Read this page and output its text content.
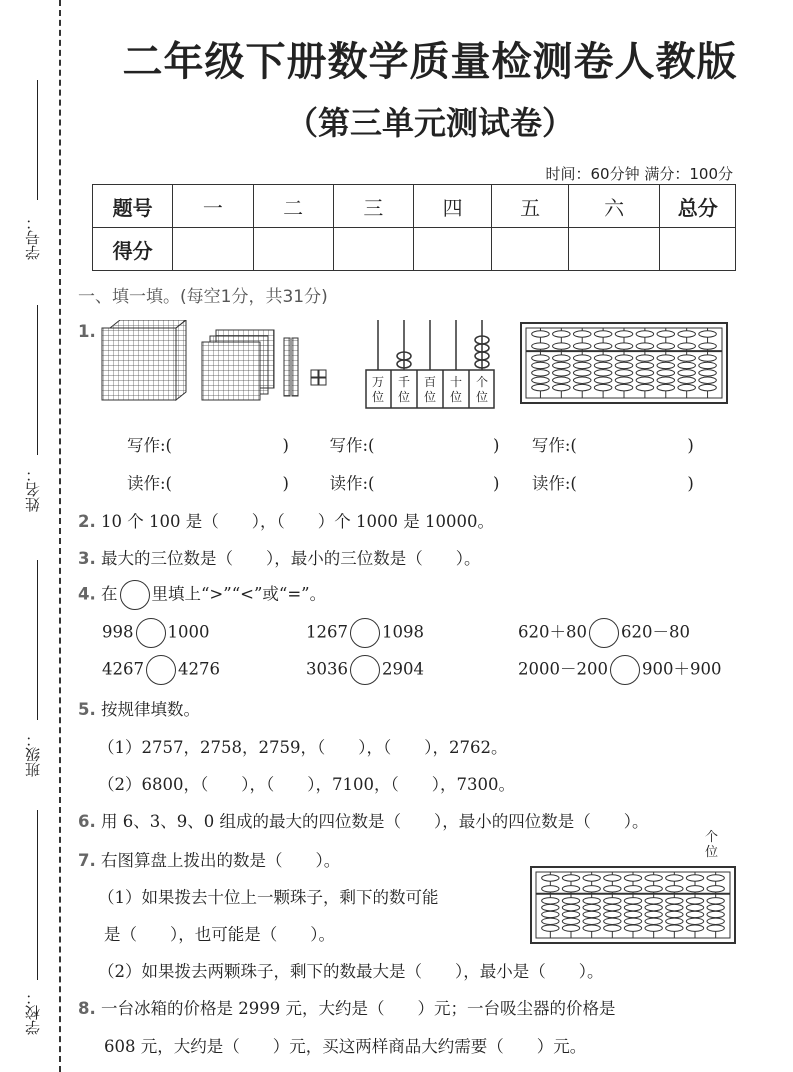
学号：
姓名：
班级：
学校：
二年级下册数学质量检测卷人教版
（第三单元测试卷）
时间：60分钟 满分：100分
题号	一	二	三	四	五	六	总分
得分							
一、填一填。(每空1分，共31分)
1.
万位
千位
百位
十位
个位
写作:(	) 写作:(	) 写作:(	)
读作:(	) 读作:(	) 读作:(	)
2. 10 个 100 是（　　），（　　）个 1000 是 10000。
3. 最大的三位数是（　　），最小的三位数是（　　）。
4. 在 里填上“>”“<”或“=”。
998 1000	1267 1098	620＋80 620－80
4267 4276	3036 2904	2000－200 900＋900
5. 按规律填数。
（1）2757，2758，2759，（　　），（　　），2762。
（2）6800，（　　），（　　），7100，（　　），7300。
6. 用 6、3、9、0 组成的最大的四位数是（　　），最小的四位数是（　　）。
7. 右图算盘上拨出的数是（　　）。
（1）如果拨去十位上一颗珠子，剩下的数可能
是（　　），也可能是（　　）。
（2）如果拨去两颗珠子，剩下的数最大是（　　），最小是（　　）。
个
位
8. 一台冰箱的价格是 2999 元，大约是（　　）元；一台吸尘器的价格是
608 元，大约是（　　）元，买这两样商品大约需要（　　）元。
